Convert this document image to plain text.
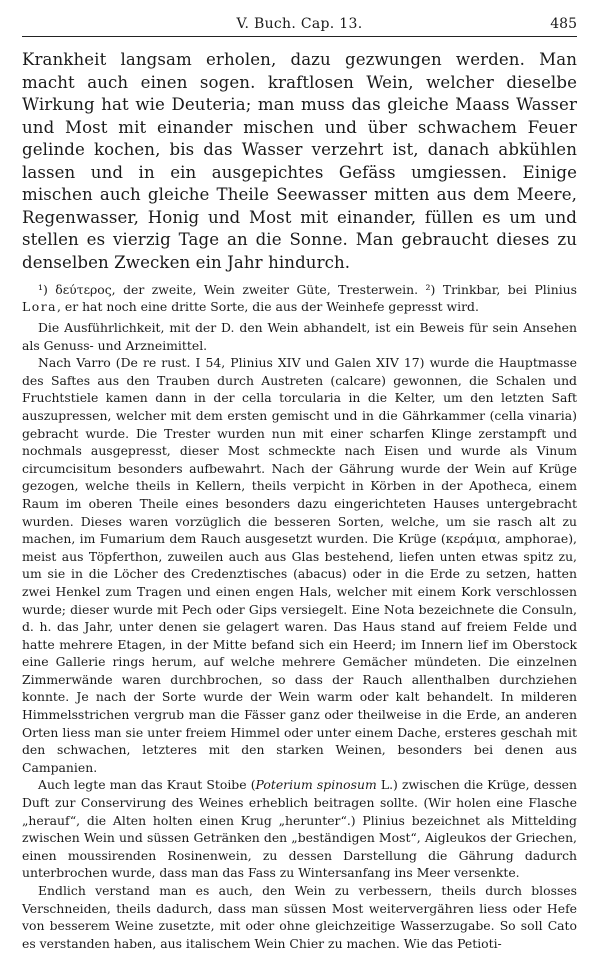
V. Buch. Cap. 13.	485

Krankheit langsam erholen, dazu gezwungen werden. Man macht auch einen sogen. kraftlosen Wein, welcher dieselbe Wirkung hat wie Deuteria; man muss das gleiche Maass Wasser und Most mit einander mischen und über schwachem Feuer gelinde kochen, bis das Wasser verzehrt ist, danach abkühlen lassen und in ein ausgepichtes Gefäss umgiessen. Einige mischen auch gleiche Theile Seewasser mitten aus dem Meere, Regenwasser, Honig und Most mit einander, füllen es um und stellen es vierzig Tage an die Sonne. Man gebraucht dieses zu denselben Zwecken ein Jahr hindurch.

¹) δεύτερος, der zweite, Wein zweiter Güte, Tresterwein. ²) Trinkbar, bei Plinius Lora, er hat noch eine dritte Sorte, die aus der Weinhefe gepresst wird.

Die Ausführlichkeit, mit der D. den Wein abhandelt, ist ein Beweis für sein Ansehen als Genuss- und Arzneimittel.

Nach Varro (De re rust. I 54, Plinius XIV und Galen XIV 17) wurde die Hauptmasse des Saftes aus den Trauben durch Austreten (calcare) gewonnen, die Schalen und Fruchtstiele kamen dann in der cella torcularia in die Kelter, um den letzten Saft auszupressen, welcher mit dem ersten gemischt und in die Gährkammer (cella vinaria) gebracht wurde. Die Trester wurden nun mit einer scharfen Klinge zerstampft und nochmals ausgepresst, dieser Most schmeckte nach Eisen und wurde als Vinum circumcisitum besonders aufbewahrt. Nach der Gährung wurde der Wein auf Krüge gezogen, welche theils in Kellern, theils verpicht in Körben in der Apotheca, einem Raum im oberen Theile eines besonders dazu eingerichteten Hauses untergebracht wurden. Dieses waren vorzüglich die besseren Sorten, welche, um sie rasch alt zu machen, im Fumarium dem Rauch ausgesetzt wurden. Die Krüge (κεράμια, amphorae), meist aus Töpferthon, zuweilen auch aus Glas bestehend, liefen unten etwas spitz zu, um sie in die Löcher des Credenztisches (abacus) oder in die Erde zu setzen, hatten zwei Henkel zum Tragen und einen engen Hals, welcher mit einem Kork verschlossen wurde; dieser wurde mit Pech oder Gips versiegelt. Eine Nota bezeichnete die Consuln, d. h. das Jahr, unter denen sie gelagert waren. Das Haus stand auf freiem Felde und hatte mehrere Etagen, in der Mitte befand sich ein Heerd; im Innern lief im Oberstock eine Gallerie rings herum, auf welche mehrere Gemächer mündeten. Die einzelnen Zimmerwände waren durchbrochen, so dass der Rauch allenthalben durchziehen konnte. Je nach der Sorte wurde der Wein warm oder kalt behandelt. In milderen Himmelsstrichen vergrub man die Fässer ganz oder theilweise in die Erde, an anderen Orten liess man sie unter freiem Himmel oder unter einem Dache, ersteres geschah mit den schwachen, letzteres mit den starken Weinen, besonders bei denen aus Campanien.

Auch legte man das Kraut Stoibe (Poterium spinosum L.) zwischen die Krüge, dessen Duft zur Conservirung des Weines erheblich beitragen sollte. (Wir holen eine Flasche „herauf“, die Alten holten einen Krug „herunter“.) Plinius bezeichnet als Mittelding zwischen Wein und süssen Getränken den „beständigen Most“, Aigleukos der Griechen, einen moussirenden Rosinenwein, zu dessen Darstellung die Gährung dadurch unterbrochen wurde, dass man das Fass zu Wintersanfang ins Meer versenkte.

Endlich verstand man es auch, den Wein zu verbessern, theils durch blosses Verschneiden, theils dadurch, dass man süssen Most weitervergähren liess oder Hefe von besserem Weine zusetzte, mit oder ohne gleichzeitige Wasserzugabe. So soll Cato es verstanden haben, aus italischem Wein Chier zu machen. Wie das Petioti-
